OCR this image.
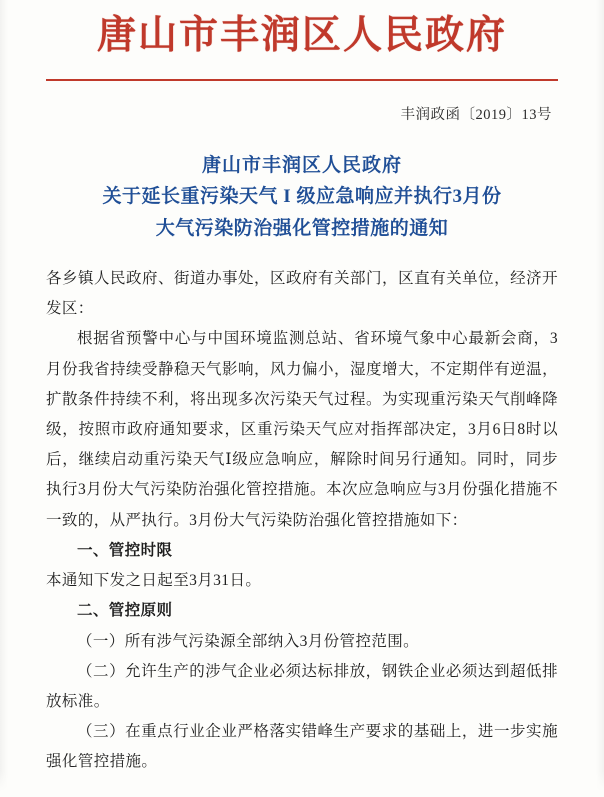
唐山市丰润区人民政府
丰润政函〔2019〕13号
唐山市丰润区人民政府
关于延长重污染天气 I 级应急响应并执行3月份
大气污染防治强化管控措施的通知

各乡镇人民政府、街道办事处，区政府有关部门，区直有关单位，经济开发区：

根据省预警中心与中国环境监测总站、省环境气象中心最新会商，3月份我省持续受静稳天气影响，风力偏小，湿度增大，不定期伴有逆温，扩散条件持续不利，将出现多次污染天气过程。为实现重污染天气削峰降级，按照市政府通知要求，区重污染天气应对指挥部决定，3月6日8时以后，继续启动重污染天气Ⅰ级应急响应，解除时间另行通知。同时，同步执行3月份大气污染防治强化管控措施。本次应急响应与3月份强化措施不一致的，从严执行。3月份大气污染防治强化管控措施如下：

一、管控时限

本通知下发之日起至3月31日。

二、管控原则

（一）所有涉气污染源全部纳入3月份管控范围。

（二）允许生产的涉气企业必须达标排放，钢铁企业必须达到超低排放标准。

（三）在重点行业企业严格落实错峰生产要求的基础上，进一步实施强化管控措施。
